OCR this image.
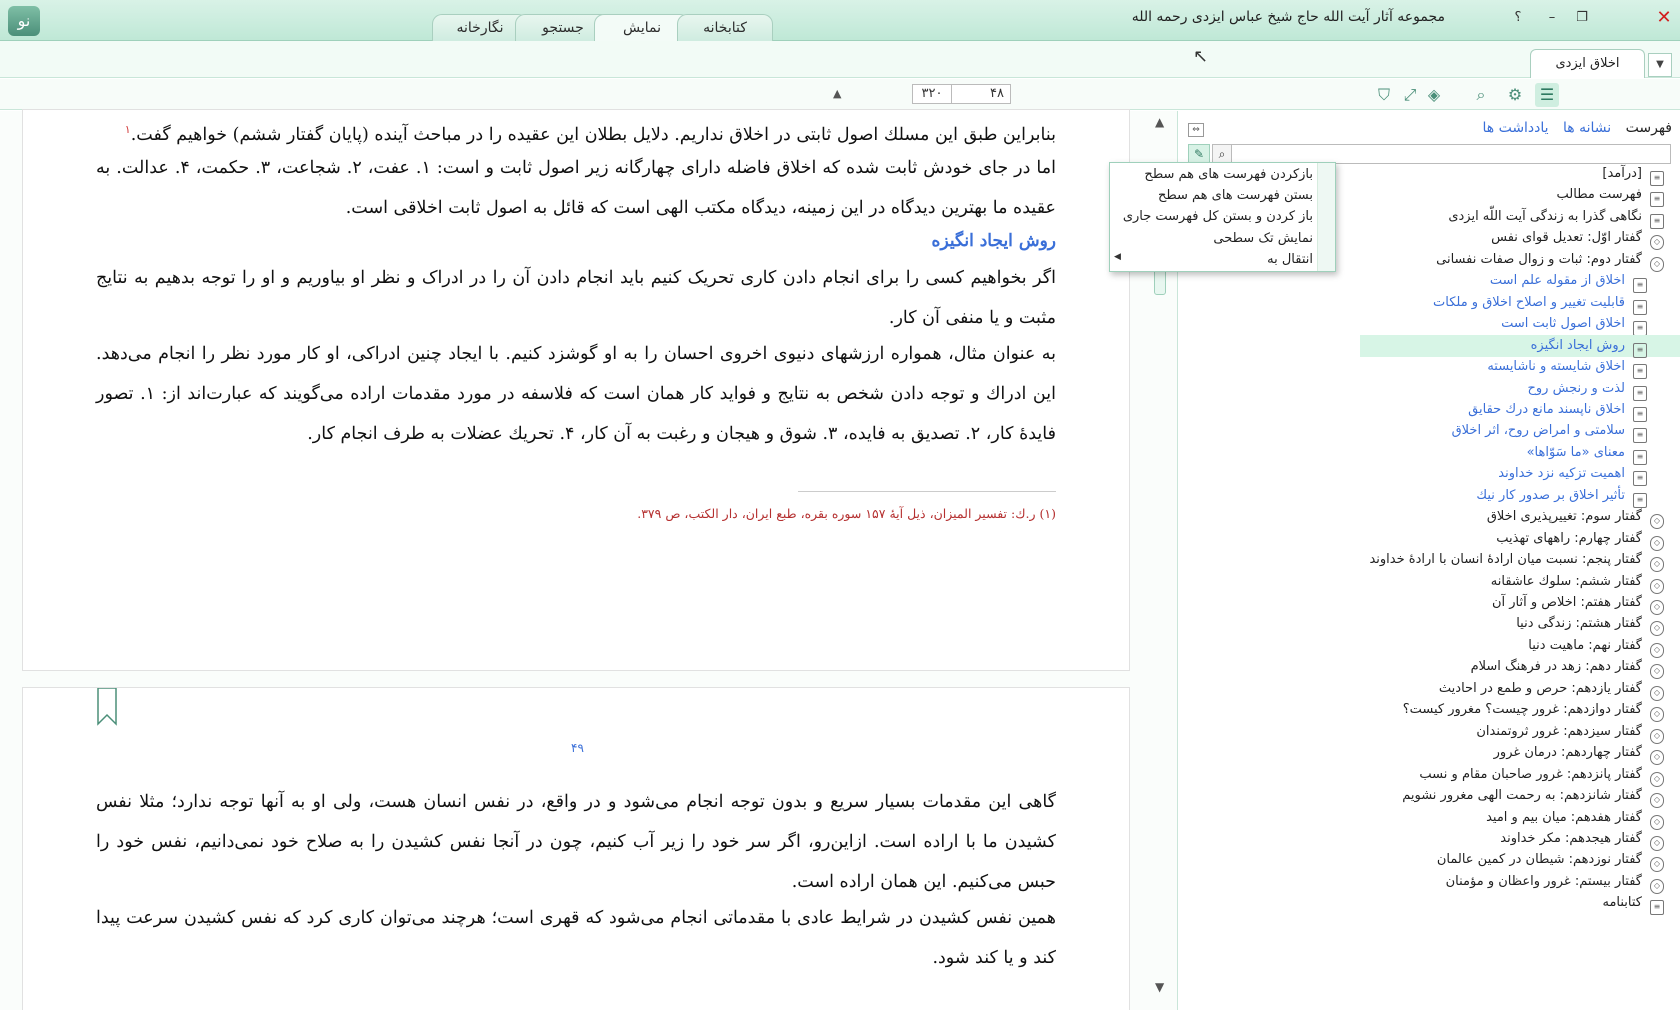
نو	نگارخانه	جستجو	نمایش	کتابخانه
مجموعه آثار آیت الله حاج شیخ عباس ایزدی رحمه الله	؟	–	❐	✕
اخلاق ایزدی	▼
↖
☰
⚙
⌕
◈
⤢
⛉
۴۸
۳۲۰
▲
بنابراین طبق این مسلك اصول ثابتی در اخلاق نداریم. دلایل بطلان این عقیده را در مباحث آینده (پایان گفتار ششم) خواهیم گفت.$^۱$
اما در جای خودش ثابت شده که اخلاق فاضله دارای چهارگانه زیر اصول ثابت و است: ۱. عفت، ۲. شجاعت، ۳. حکمت، ۴. عدالت. به عقیده ما بهترین دیدگاه در این زمینه، دیدگاه مکتب الهی است که قائل به اصول ثابت اخلاقی است.
روش ایجاد انگیزه
اگر بخواهیم کسی را برای انجام دادن کاری تحریک کنیم باید انجام دادن آن را در ادراک و نظر او بیاوریم و او را توجه بدهیم به نتایج مثبت و یا منفی آن کار.
به عنوان مثال، همواره ارزشهای دنیوی اخروی احسان را به او گوشزد کنیم. با ایجاد چنین ادراکی، او کار مورد نظر را انجام می‌دهد. این ادراك و توجه دادن شخص به نتایج و فواید کار همان است که فلاسفه در مورد مقدمات اراده می‌گویند که عبارت‌اند از: ۱. تصور فایدهٔ کار، ۲. تصدیق به فایده، ۳. شوق و هیجان و رغبت به آن کار، ۴. تحریك عضلات به طرف انجام کار.
(۱) ر.ك: تفسیر المیزان، ذیل آیهٔ ۱۵۷ سوره بقره، طبع ایران، دار الکتب، ص ۳۷۹.
۴۹
گاهی این مقدمات بسیار سریع و بدون توجه انجام می‌شود و در واقع، در نفس انسان هست، ولی او به آنها توجه ندارد؛ مثلا نفس کشیدن ما با اراده است. ازاین‌رو، اگر سر خود را زیر آب کنیم، چون در آنجا نفس کشیدن را به صلاح خود نمی‌دانیم، نفس خود را حبس می‌کنیم. این همان اراده است.
همین نفس کشیدن در شرایط عادی با مقدماتی انجام می‌شود که قهری است؛ هرچند می‌توان کاری کرد که نفس کشیدن سرعت پیدا کند و یا کند شود.
▲
▼
فهرست نشانه ها یادداشت ها
⇔
⌕
✎
≡[درآمد]
≡فهرست مطالب
≡نگاهی گذرا به زندگی آیت اللّه ایزدی
◇گفتار اوّل: تعدیل قوای نفس
◇گفتار دوم: ثبات و زوال صفات نفسانی
≡اخلاق از مقوله علم است
≡قابلیت تغییر و اصلاح اخلاق و ملکات
≡اخلاق اصول ثابت است
≡روش ایجاد انگیزه
≡اخلاق شایسته و ناشایسته
≡لذت و رنجش روح
≡اخلاق ناپسند مانع درك حقایق
≡سلامتی و امراض روح، اثر اخلاق
≡معنای «ما سَوّاها»
≡اهمیت تزکیه نزد خداوند
≡تأثیر اخلاق بر صدور کار نیك
◇گفتار سوم: تغییرپذیری اخلاق
◇گفتار چهارم: راههای تهذیب
◇گفتار پنجم: نسبت میان ارادهٔ انسان با ارادهٔ خداوند
◇گفتار ششم: سلوك عاشقانه
◇گفتار هفتم: اخلاص و آثار آن
◇گفتار هشتم: زندگی دنیا
◇گفتار نهم: ماهیت دنیا
◇گفتار دهم: زهد در فرهنگ اسلام
◇گفتار یازدهم: حرص و طمع در احادیث
◇گفتار دوازدهم: غرور چیست؟ مغرور کیست؟
◇گفتار سیزدهم: غرور ثروتمندان
◇گفتار چهاردهم: درمان غرور
◇گفتار پانزدهم: غرور صاحبان مقام و نسب
◇گفتار شانزدهم: به رحمت الهی مغرور نشویم
◇گفتار هفدهم: میان بیم و امید
◇گفتار هیجدهم: مکر خداوند
◇گفتار نوزدهم: شیطان در کمین عالمان
◇گفتار بیستم: غرور واعظان و مؤمنان
≡کتابنامه
بازکردن فهرست های هم سطح
بستن فهرست های هم سطح
باز کردن و بستن کل فهرست جاری
نمایش تک سطحی
انتقال به
◀
